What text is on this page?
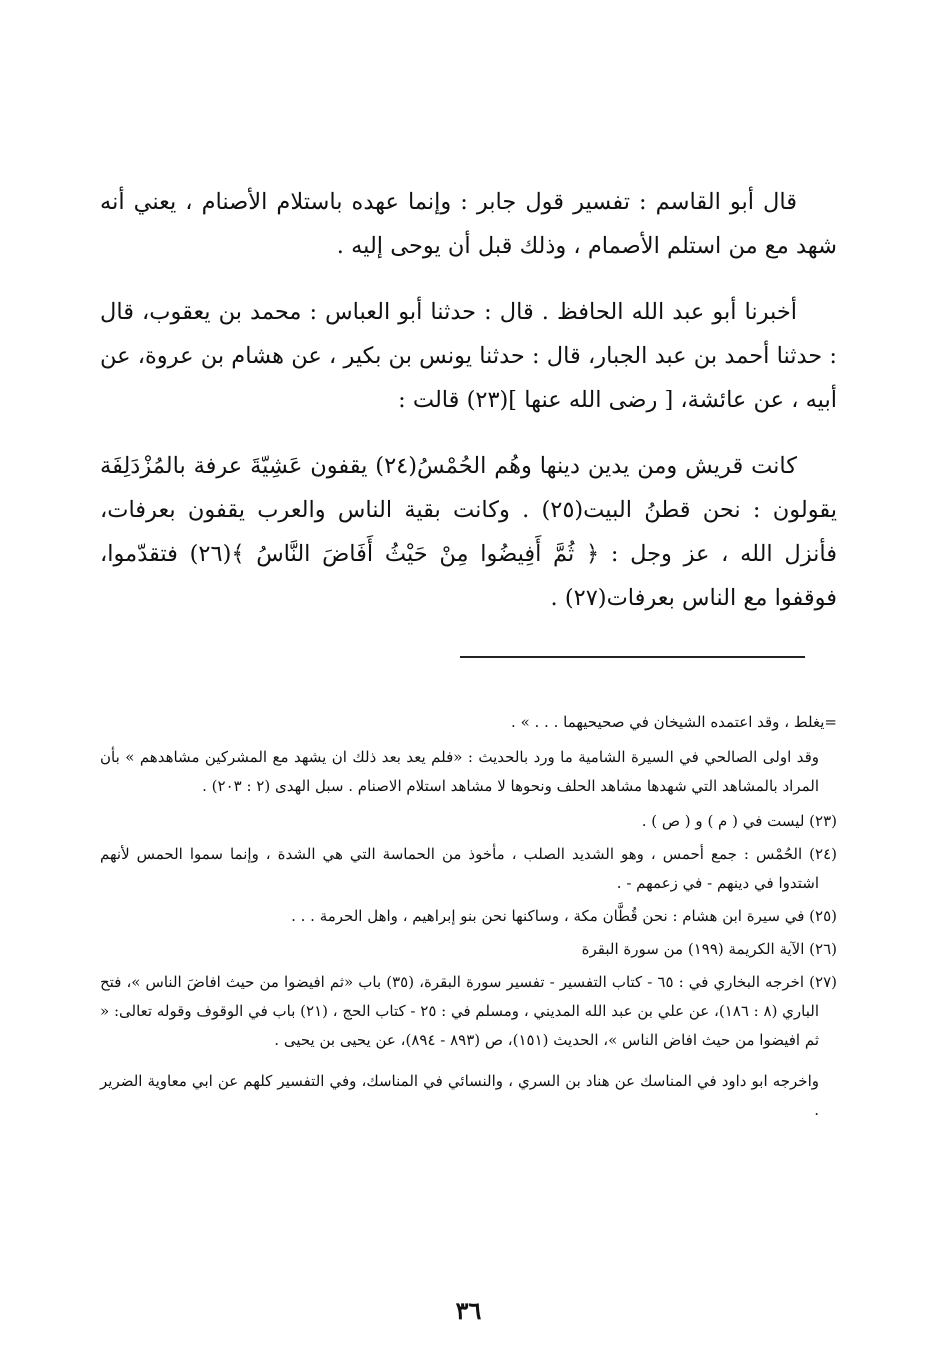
قال أبو القاسم : تفسير قول جابر : وإنما عهده باستلام الأصنام ، يعني أنه شهد مع من استلم الأصمام ، وذلك قبل أن يوحى إليه .

أخبرنا أبو عبد الله الحافظ . قال : حدثنا أبو العباس : محمد بن يعقوب، قال : حدثنا أحمد بن عبد الجبار، قال : حدثنا يونس بن بكير ، عن هشام بن عروة، عن أبيه ، عن عائشة، [ رضى الله عنها ](٢٣) قالت :

كانت قريش ومن يدين دينها وهُم الحُمْسُ(٢٤) يقفون عَشِيّةَ عرفة بالمُزْدَلِفَة يقولون : نحن قطنُ البيت(٢٥) . وكانت بقية الناس والعرب يقفون بعرفات، فأنزل الله ، عز وجل : ﴿ ثُمَّ أَفِيضُوا مِنْ حَيْثُ أَفَاضَ النَّاسُ ﴾(٢٦) فتقدّموا، فوقفوا مع الناس بعرفات(٢٧) .

=يغلط ، وقد اعتمده الشيخان في صحيحيهما . . . » .
وقد اولى الصالحي في السيرة الشامية ما ورد بالحديث : «فلم يعد بعد ذلك ان يشهد مع المشركين مشاهدهم » بأن المراد بالمشاهد التي شهدها مشاهد الحلف ونحوها لا مشاهد استلام الاصنام . سبل الهدى (٢ : ٢٠٣) .
(٢٣) ليست في ( م ) و ( ص ) .
(٢٤) الحُمْس : جمع أحمس ، وهو الشديد الصلب ، مأخوذ من الحماسة التي هي الشدة ، وإنما سموا الحمس لأنهم اشتدوا في دينهم - في زعمهم - .
(٢٥) في سيرة ابن هشام : نحن قُطَّان مكة ، وساكنها نحن بنو إبراهيم ، واهل الحرمة . . .
(٢٦) الآية الكريمة (١٩٩) من سورة البقرة
(٢٧) اخرجه البخاري في : ٦٥ - كتاب التفسير - تفسير سورة البقرة، (٣٥) باب «ثم افيضوا من حيث افاضَ الناس »، فتح الباري (٨ : ١٨٦)، عن علي بن عبد الله المديني ، ومسلم في : ٢٥ - كتاب الحج ، (٢١) باب في الوقوف وقوله تعالى: « ثم افيضوا من حيث افاض الناس »، الحديث (١٥١)، ص (٨٩٣ - ٨٩٤)، عن يحيى بن يحيى .
واخرجه ابو داود في المناسك عن هناد بن السري ، والنسائي في المناسك، وفي التفسير كلهم عن ابي معاوية الضرير .
٣٦
